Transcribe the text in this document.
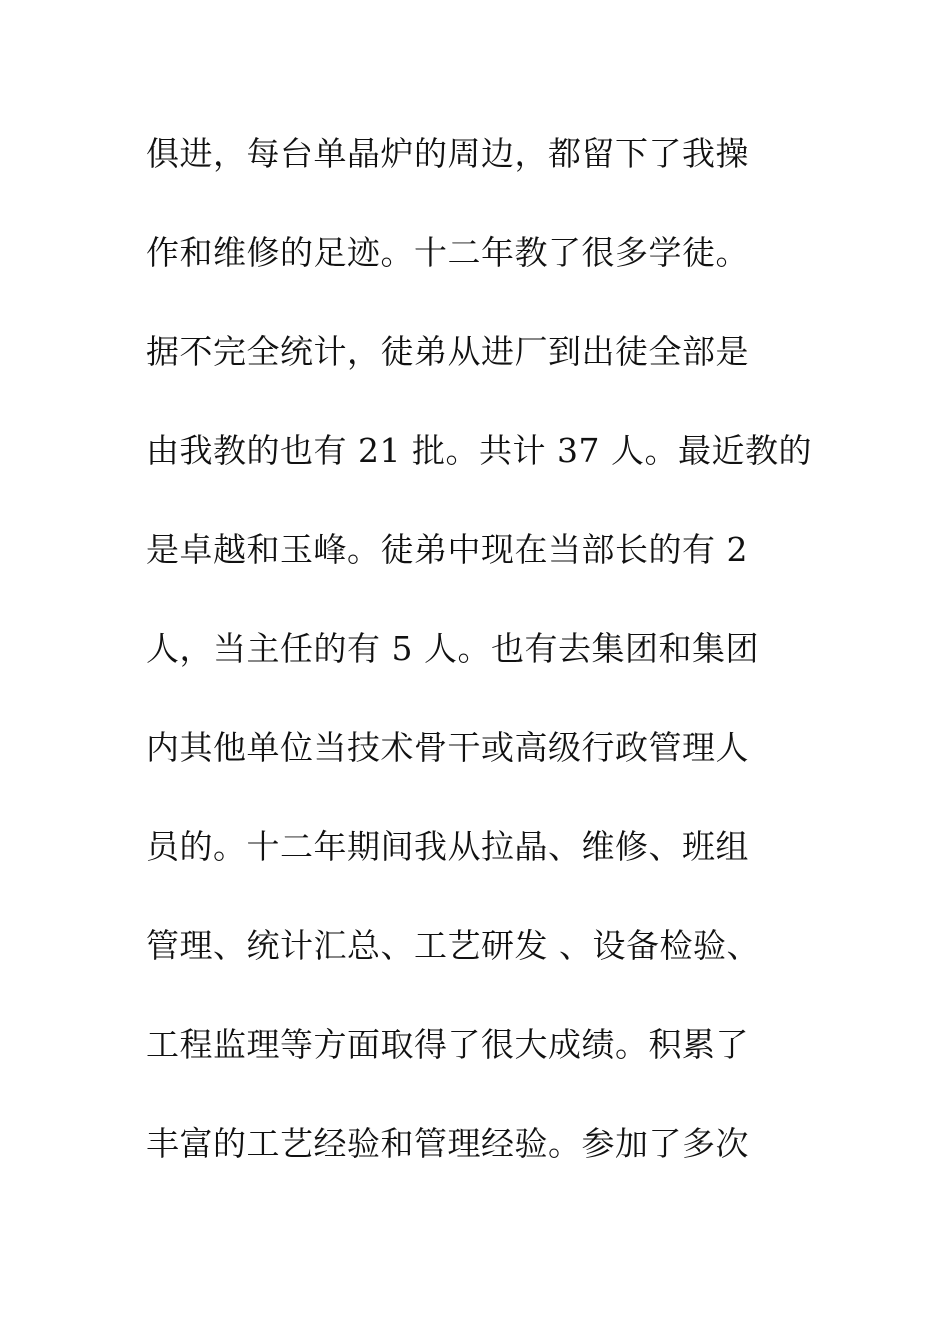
俱进，每台单晶炉的周边，都留下了我操
作和维修的足迹。十二年教了很多学徒。
据不完全统计，徒弟从进厂到出徒全部是
由我教的也有 21 批。共计 37 人。最近教的
是卓越和玉峰。徒弟中现在当部长的有 2
人，当主任的有 5 人。也有去集团和集团
内其他单位当技术骨干或高级行政管理人
员的。十二年期间我从拉晶、维修、班组
管理、统计汇总、工艺研发 、设备检验、
工程监理等方面取得了很大成绩。积累了
丰富的工艺经验和管理经验。参加了多次
